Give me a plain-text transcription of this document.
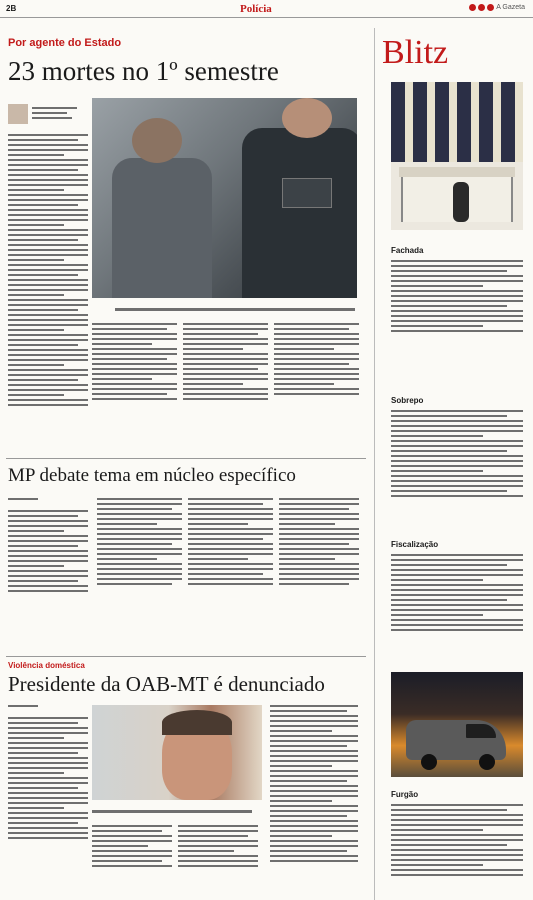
2B	Polícia	A Gazeta
Por agente do Estado
23 mortes no 1º semestre
MP debate tema em núcleo específico
Violência doméstica
Presidente da OAB-MT é denunciado
Blitz
Fachada
Sobrepo
Fiscalização
Furgão
